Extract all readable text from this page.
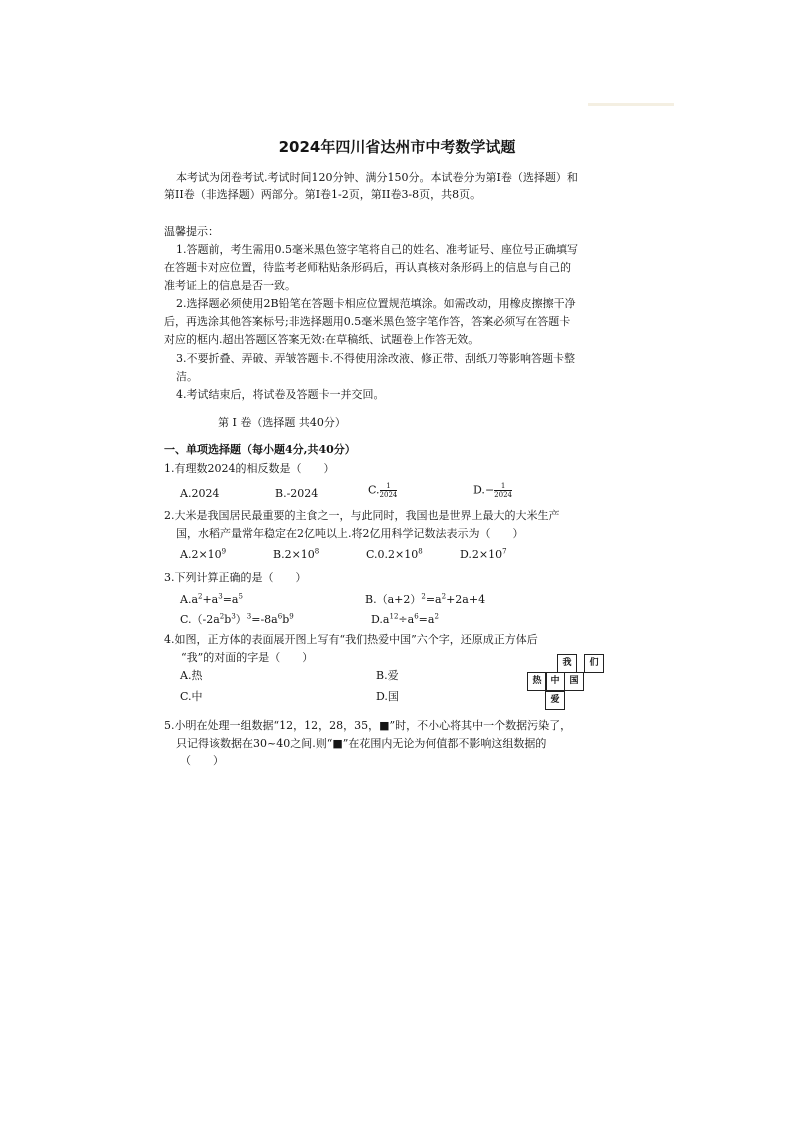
2024年四川省达州市中考数学试题
本考试为闭卷考试.考试时间120分钟、满分150分。本试卷分为第I卷（选择题）和
第II卷（非选择题）两部分。第I卷1-2页，第II卷3-8页，共8页。
温馨提示：
1.答题前，考生需用0.5毫米黑色签字笔将自己的姓名、准考证号、座位号正确填写
在答题卡对应位置，待监考老师粘贴条形码后，再认真核对条形码上的信息与自己的
准考证上的信息是否一致。
2.选择题必须使用2B铅笔在答题卡相应位置规范填涂。如需改动，用橡皮擦擦干净
后，再选涂其他答案标号;非选择题用0.5毫米黑色签字笔作答，答案必须写在答题卡
对应的框内.超出答题区答案无效:在草稿纸、试题卷上作答无效。
3.不要折叠、弄破、弄皱答题卡.不得使用涂改液、修正带、刮纸刀等影响答题卡整
洁。
4.考试结束后，将试卷及答题卡一并交回。
第 I 卷（选择题 共40分）
一、单项选择题（每小题4分,共40分）
1.有理数2024的相反数是（　　）
A.2024	B.-2024	C. $\frac{1}{2024}$	$D.- \frac{1}{2024}$
2.大米是我国居民最重要的主食之一，与此同时，我国也是世界上最大的大米生产
国，水稻产量常年稳定在2亿吨以上.将2亿用科学记数法表示为（　　）
$A.2\times 10^9$	$B.2\times 10^8$	$C.0.2\times 10^8$	$D.2\times 10^7$
3.下列计算正确的是（　　）
$A.a^2+a^3=a^5$	$B.(a+2)^2=a^2+2a+4$
$C.(-2a^2b^3)^3=-8a^6b^9$	$D.a^{12}\div a^6=a^2$
4.如图，正方体的表面展开图上写有“我们热爱中国”六个字，还原成正方体后
“我”的对面的字是（　　）
A.热	B.爱
C.中	D.国
我	们
热 中	国
爱
5.小明在处理一组数据“12，12，28，35，■”时，不小心将其中一个数据污染了，
只记得该数据在30~40之间.则“■”在花围内无论为何值都不影响这组数据的
（　　）
